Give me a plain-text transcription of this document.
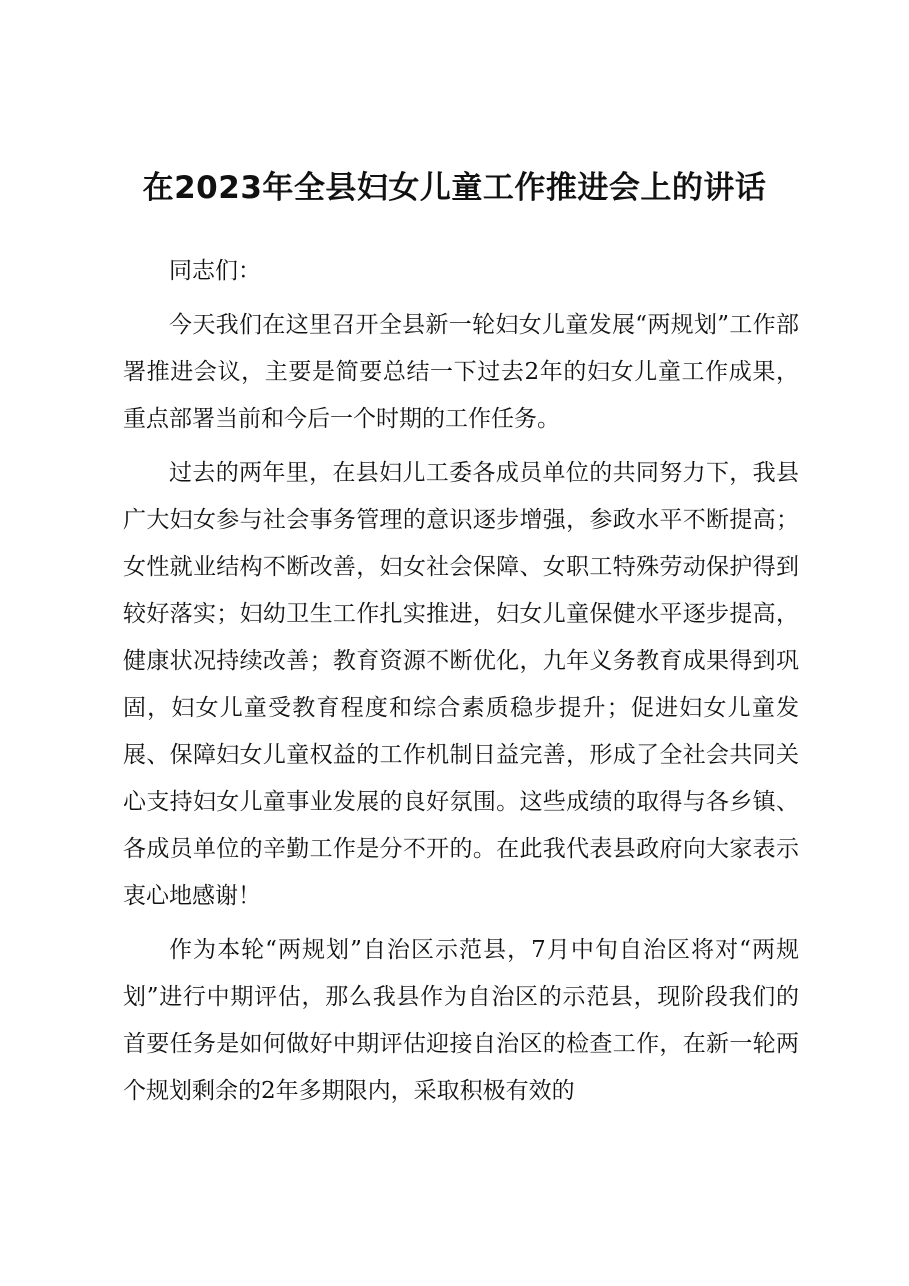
在2023年全县妇女儿童工作推进会上的讲话

同志们：

今天我们在这里召开全县新一轮妇女儿童发展“两规划”工作部署推进会议，主要是简要总结一下过去2年的妇女儿童工作成果，重点部署当前和今后一个时期的工作任务。

过去的两年里，在县妇儿工委各成员单位的共同努力下，我县广大妇女参与社会事务管理的意识逐步增强，参政水平不断提高；女性就业结构不断改善，妇女社会保障、女职工特殊劳动保护得到较好落实；妇幼卫生工作扎实推进，妇女儿童保健水平逐步提高，健康状况持续改善；教育资源不断优化，九年义务教育成果得到巩固，妇女儿童受教育程度和综合素质稳步提升；促进妇女儿童发展、保障妇女儿童权益的工作机制日益完善，形成了全社会共同关心支持妇女儿童事业发展的良好氛围。这些成绩的取得与各乡镇、各成员单位的辛勤工作是分不开的。在此我代表县政府向大家表示衷心地感谢！

作为本轮“两规划”自治区示范县，7月中旬自治区将对“两规划”进行中期评估，那么我县作为自治区的示范县，现阶段我们的首要任务是如何做好中期评估迎接自治区的检查工作，在新一轮两个规划剩余的2年多期限内，采取积极有效的
